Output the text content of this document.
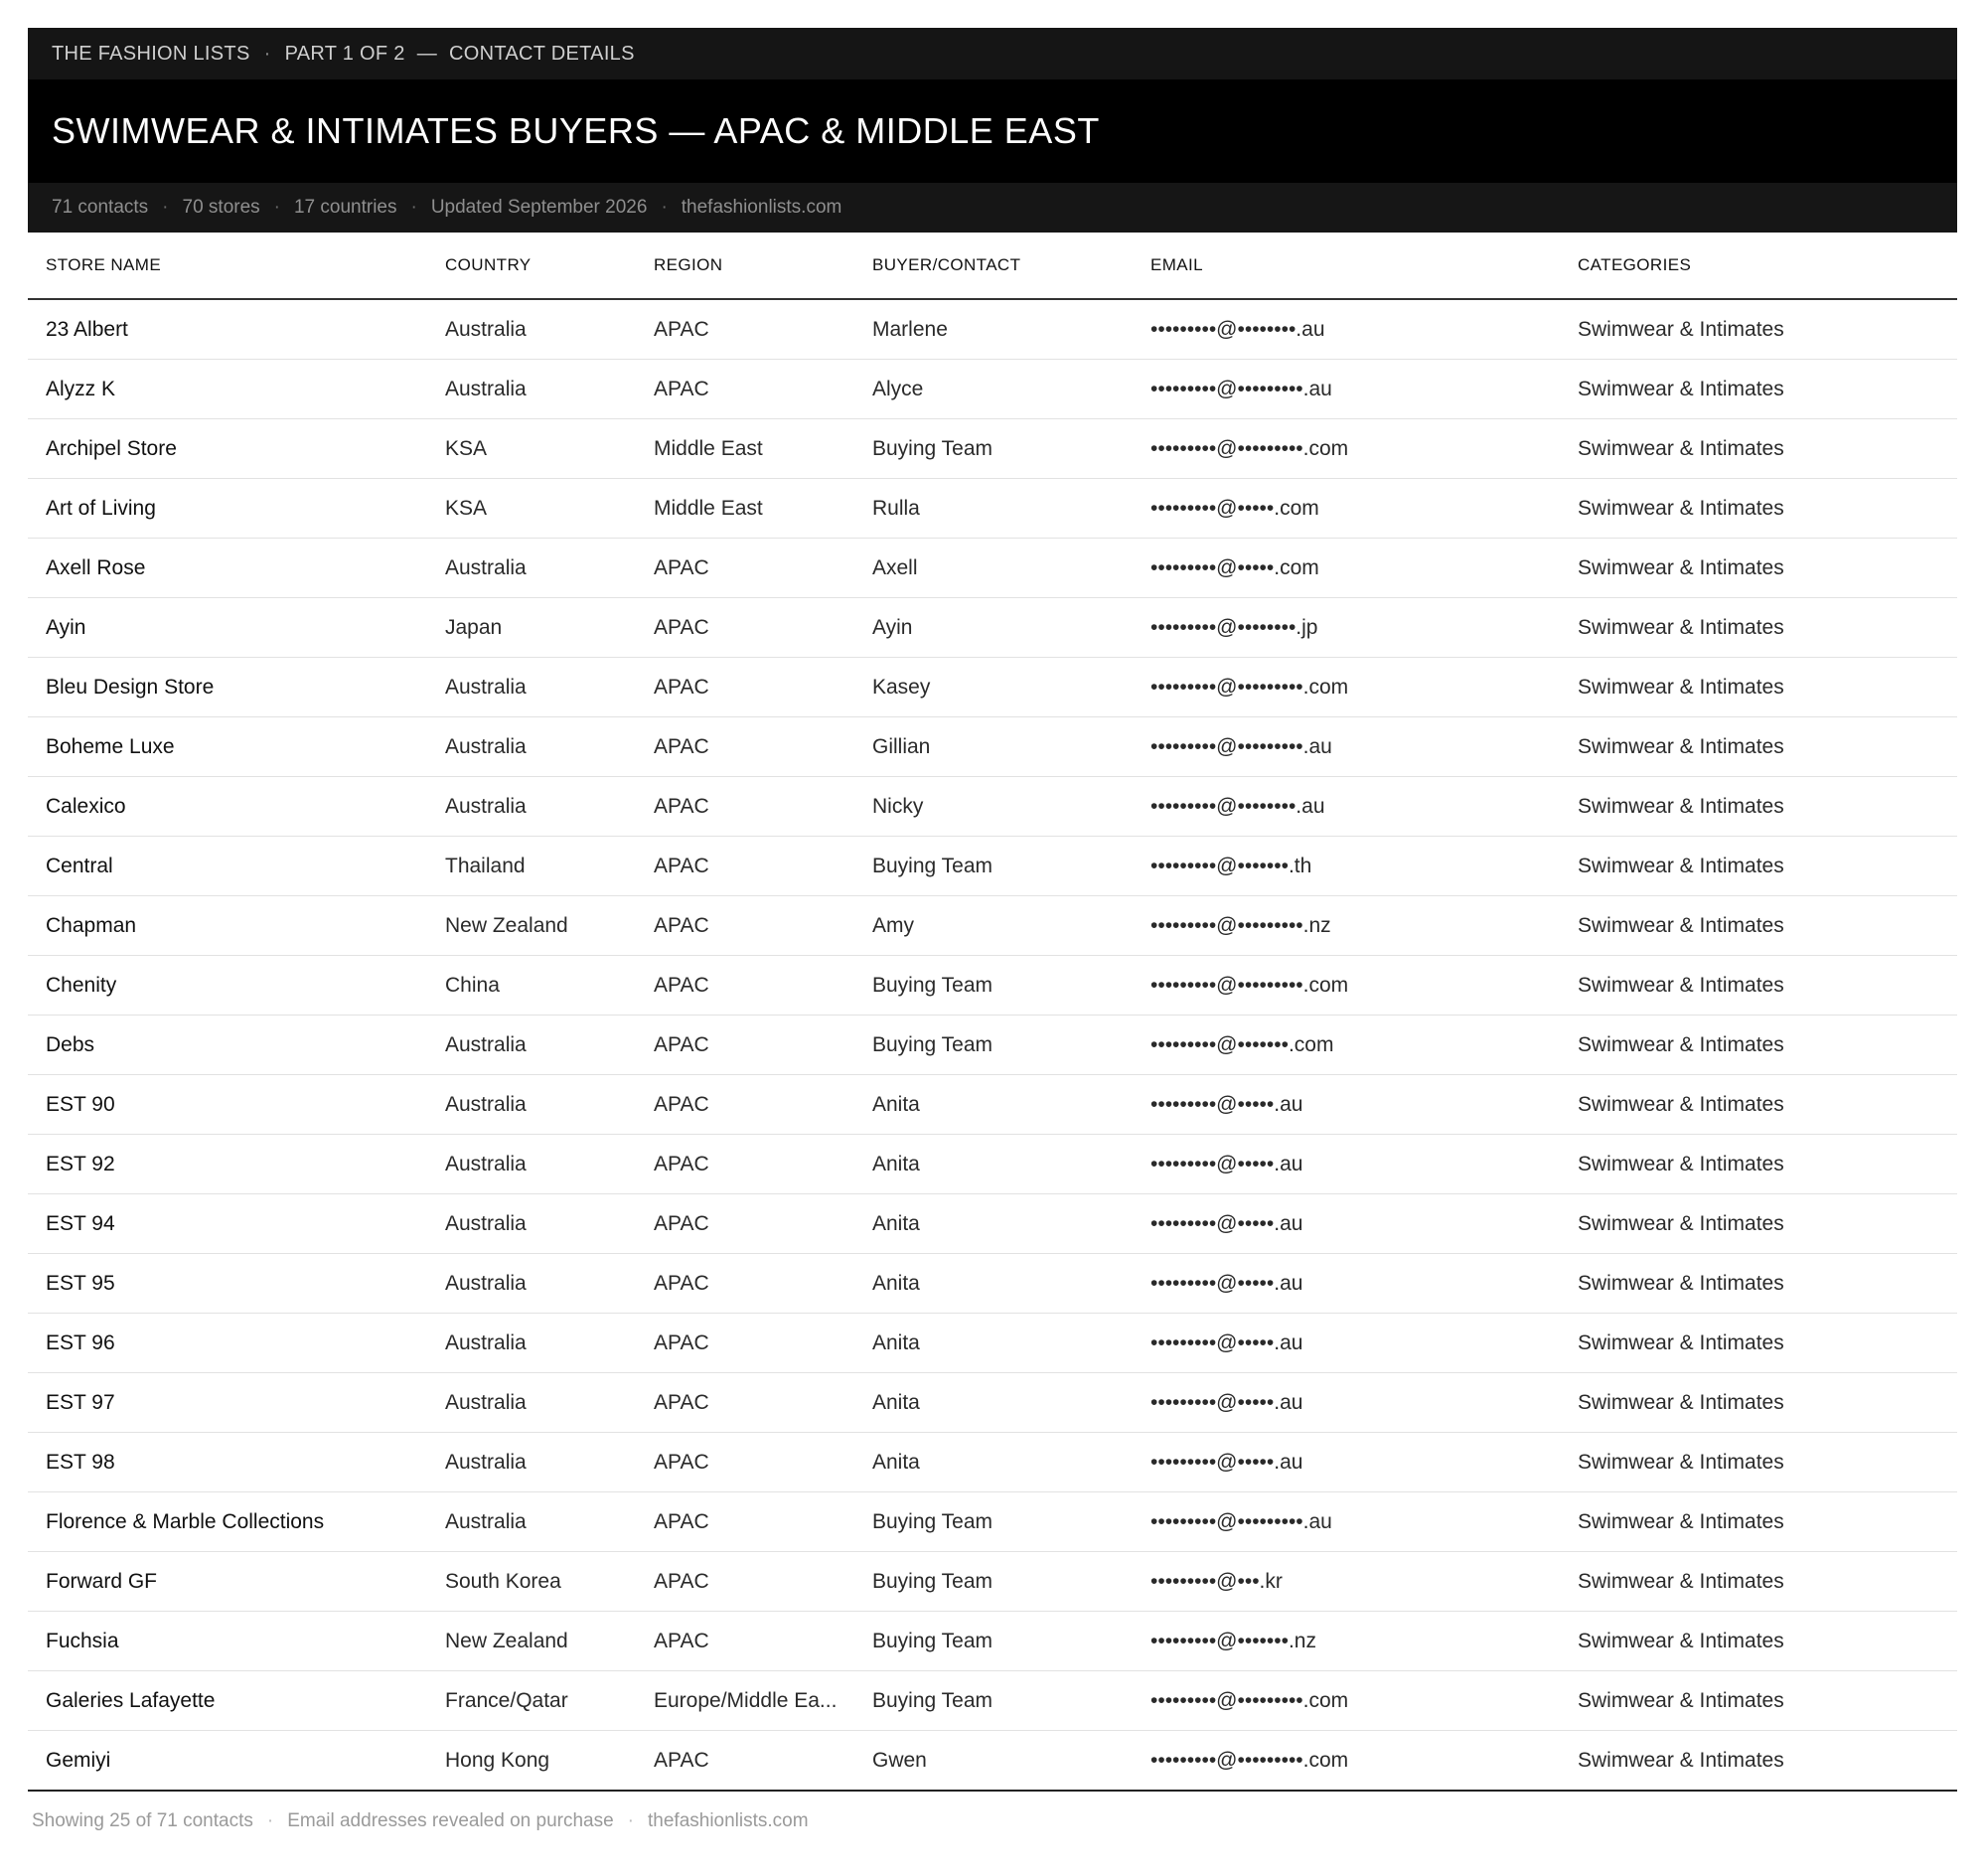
THE FASHION LISTS · PART 1 OF 2 — CONTACT DETAILS
SWIMWEAR & INTIMATES BUYERS — APAC & MIDDLE EAST
71 contacts · 70 stores · 17 countries · Updated September 2026 · thefashionlists.com
STORE NAME	COUNTRY	REGION	BUYER/CONTACT	EMAIL	CATEGORIES
23 Albert	Australia	APAC	Marlene	•••••••••@••••••••.au	Swimwear & Intimates
Alyzz K	Australia	APAC	Alyce	•••••••••@•••••••••.au	Swimwear & Intimates
Archipel Store	KSA	Middle East	Buying Team	•••••••••@•••••••••.com	Swimwear & Intimates
Art of Living	KSA	Middle East	Rulla	•••••••••@•••••.com	Swimwear & Intimates
Axell Rose	Australia	APAC	Axell	•••••••••@•••••.com	Swimwear & Intimates
Ayin	Japan	APAC	Ayin	•••••••••@••••••••.jp	Swimwear & Intimates
Bleu Design Store	Australia	APAC	Kasey	•••••••••@•••••••••.com	Swimwear & Intimates
Boheme Luxe	Australia	APAC	Gillian	•••••••••@•••••••••.au	Swimwear & Intimates
Calexico	Australia	APAC	Nicky	•••••••••@••••••••.au	Swimwear & Intimates
Central	Thailand	APAC	Buying Team	•••••••••@•••••••.th	Swimwear & Intimates
Chapman	New Zealand	APAC	Amy	•••••••••@•••••••••.nz	Swimwear & Intimates
Chenity	China	APAC	Buying Team	•••••••••@•••••••••.com	Swimwear & Intimates
Debs	Australia	APAC	Buying Team	•••••••••@•••••••.com	Swimwear & Intimates
EST 90	Australia	APAC	Anita	•••••••••@•••••.au	Swimwear & Intimates
EST 92	Australia	APAC	Anita	•••••••••@•••••.au	Swimwear & Intimates
EST 94	Australia	APAC	Anita	•••••••••@•••••.au	Swimwear & Intimates
EST 95	Australia	APAC	Anita	•••••••••@•••••.au	Swimwear & Intimates
EST 96	Australia	APAC	Anita	•••••••••@•••••.au	Swimwear & Intimates
EST 97	Australia	APAC	Anita	•••••••••@•••••.au	Swimwear & Intimates
EST 98	Australia	APAC	Anita	•••••••••@•••••.au	Swimwear & Intimates
Florence & Marble Collections	Australia	APAC	Buying Team	•••••••••@•••••••••.au	Swimwear & Intimates
Forward GF	South Korea	APAC	Buying Team	•••••••••@•••.kr	Swimwear & Intimates
Fuchsia	New Zealand	APAC	Buying Team	•••••••••@•••••••.nz	Swimwear & Intimates
Galeries Lafayette	France/Qatar	Europe/Middle Ea...	Buying Team	•••••••••@•••••••••.com	Swimwear & Intimates
Gemiyi	Hong Kong	APAC	Gwen	•••••••••@•••••••••.com	Swimwear & Intimates
Showing 25 of 71 contacts · Email addresses revealed on purchase · thefashionlists.com
